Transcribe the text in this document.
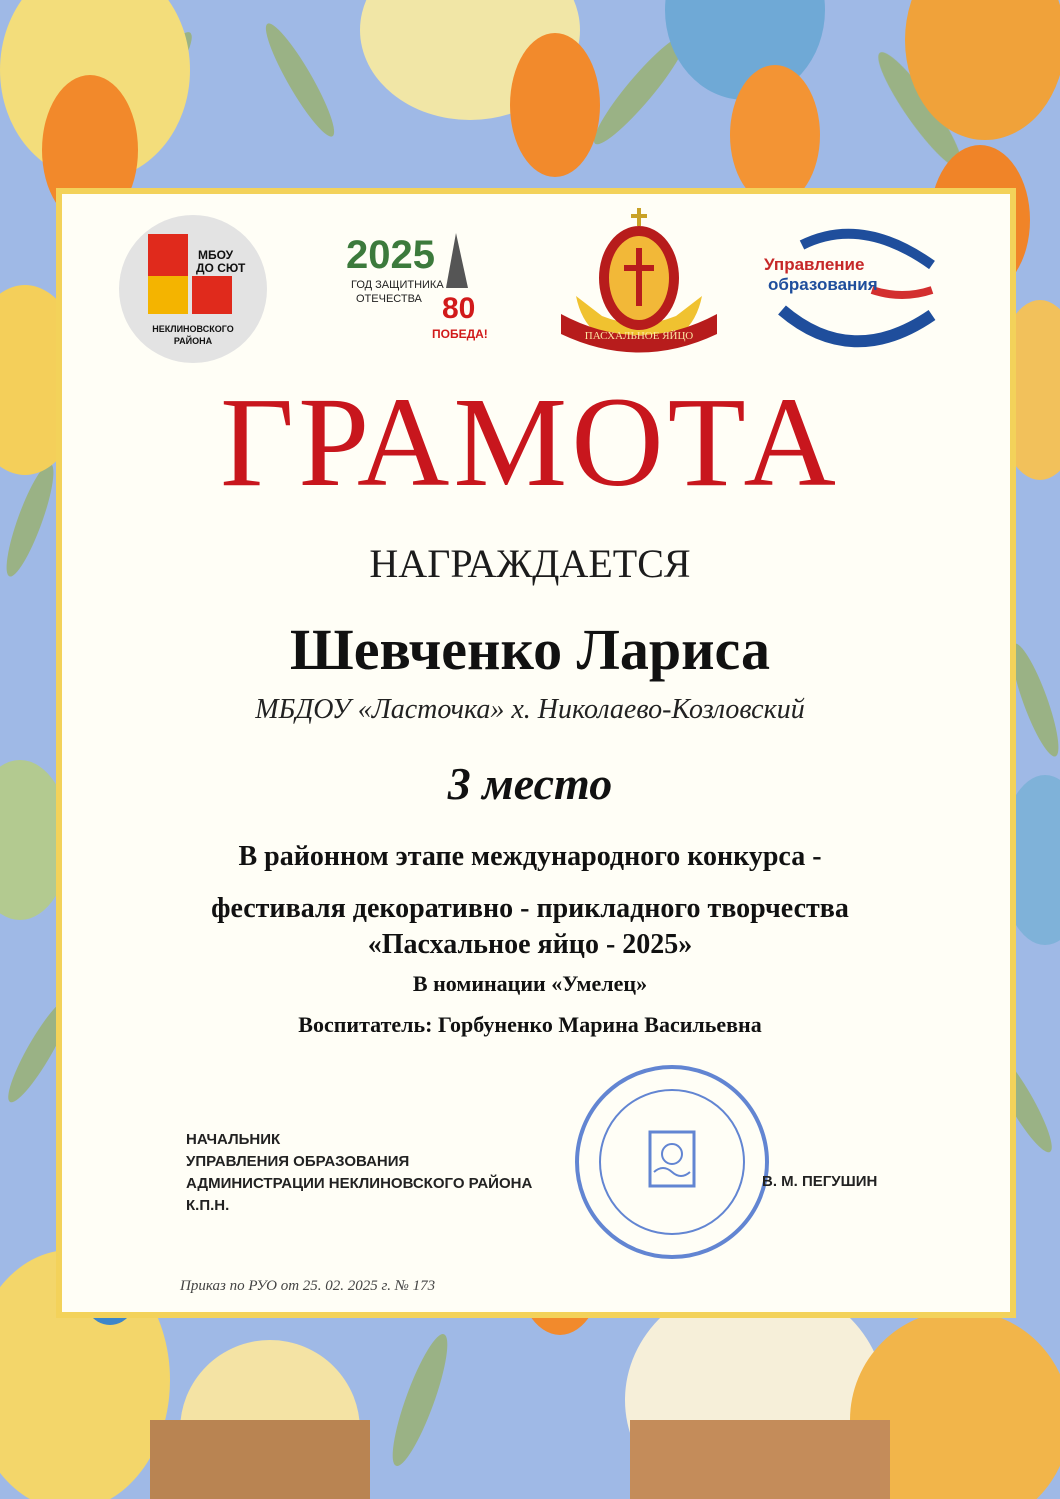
МБОУ
ДО СЮТ
НЕКЛИНОВСКОГО
РАЙОНА
2025
ГОД ЗАЩИТНИКА
ОТЕЧЕСТВА 80
ПОБЕДА!	ПАСХАЛЬНОЕ ЯЙЦО
Управление
образования
ГРАМОТА
НАГРАЖДАЕТСЯ
Шевченко Лариса
МБДОУ «Ласточка» х. Николаево-Козловский
3 место
В районном этапе международного конкурса -
фестиваля декоративно - прикладного творчества
«Пасхальное яйцо - 2025»
В номинации «Умелец»
Воспитатель: Горбуненко Марина Васильевна
НАЧАЛЬНИК
УПРАВЛЕНИЯ ОБРАЗОВАНИЯ
АДМИНИСТРАЦИИ НЕКЛИНОВСКОГО РАЙОНА
К.П.Н.
В. М. ПЕГУШИН
Приказ по РУО от 25. 02. 2025 г. № 173
